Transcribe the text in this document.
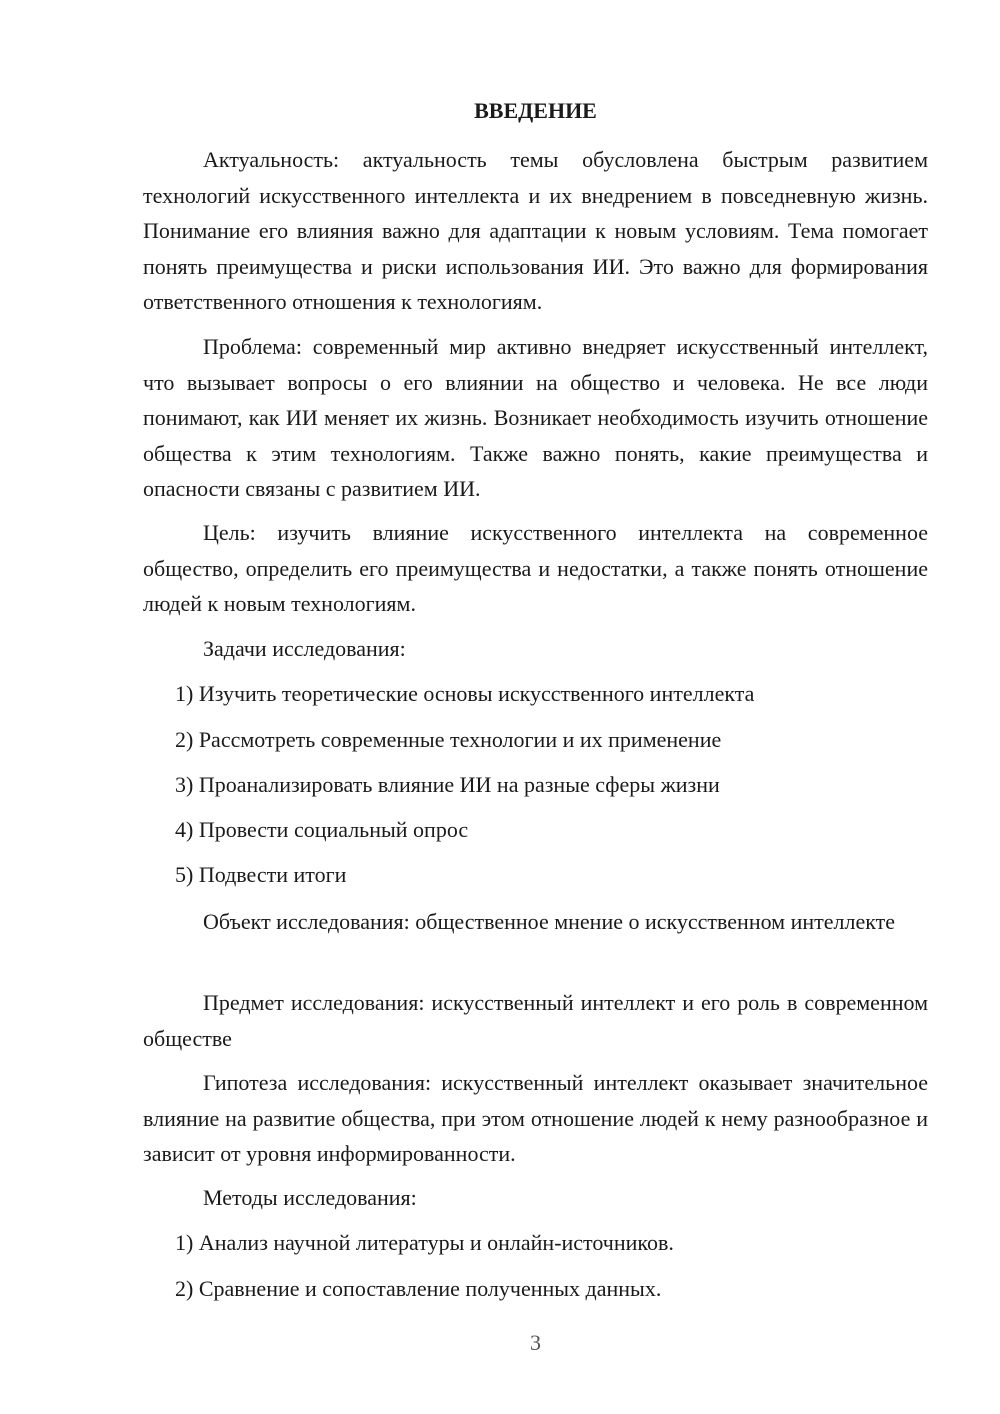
ВВЕДЕНИЕ

Актуальность: актуальность темы обусловлена быстрым развитием технологий искусственного интеллекта и их внедрением в повседневную жизнь. Понимание его влияния важно для адаптации к новым условиям. Тема помогает понять преимущества и риски использования ИИ. Это важно для формирования ответственного отношения к технологиям.

Проблема: современный мир активно внедряет искусственный интеллект, что вызывает вопросы о его влиянии на общество и человека. Не все люди понимают, как ИИ меняет их жизнь. Возникает необходимость изучить отношение общества к этим технологиям. Также важно понять, какие преимущества и опасности связаны с развитием ИИ.

Цель: изучить влияние искусственного интеллекта на современное общество, определить его преимущества и недостатки, а также понять отношение людей к новым технологиям.

Задачи исследования:

1) Изучить теоретические основы искусственного интеллекта

2) Рассмотреть современные технологии и их применение

3) Проанализировать влияние ИИ на разные сферы жизни

4) Провести социальный опрос

5) Подвести итоги

Объект исследования: общественное мнение о искусственном интеллекте

Предмет исследования: искусственный интеллект и его роль в современном обществе

Гипотеза исследования: искусственный интеллект оказывает значительное влияние на развитие общества, при этом отношение людей к нему разнообразное и зависит от уровня информированности.

Методы исследования:

1) Анализ научной литературы и онлайн-источников.

2) Сравнение и сопоставление полученных данных.

3
